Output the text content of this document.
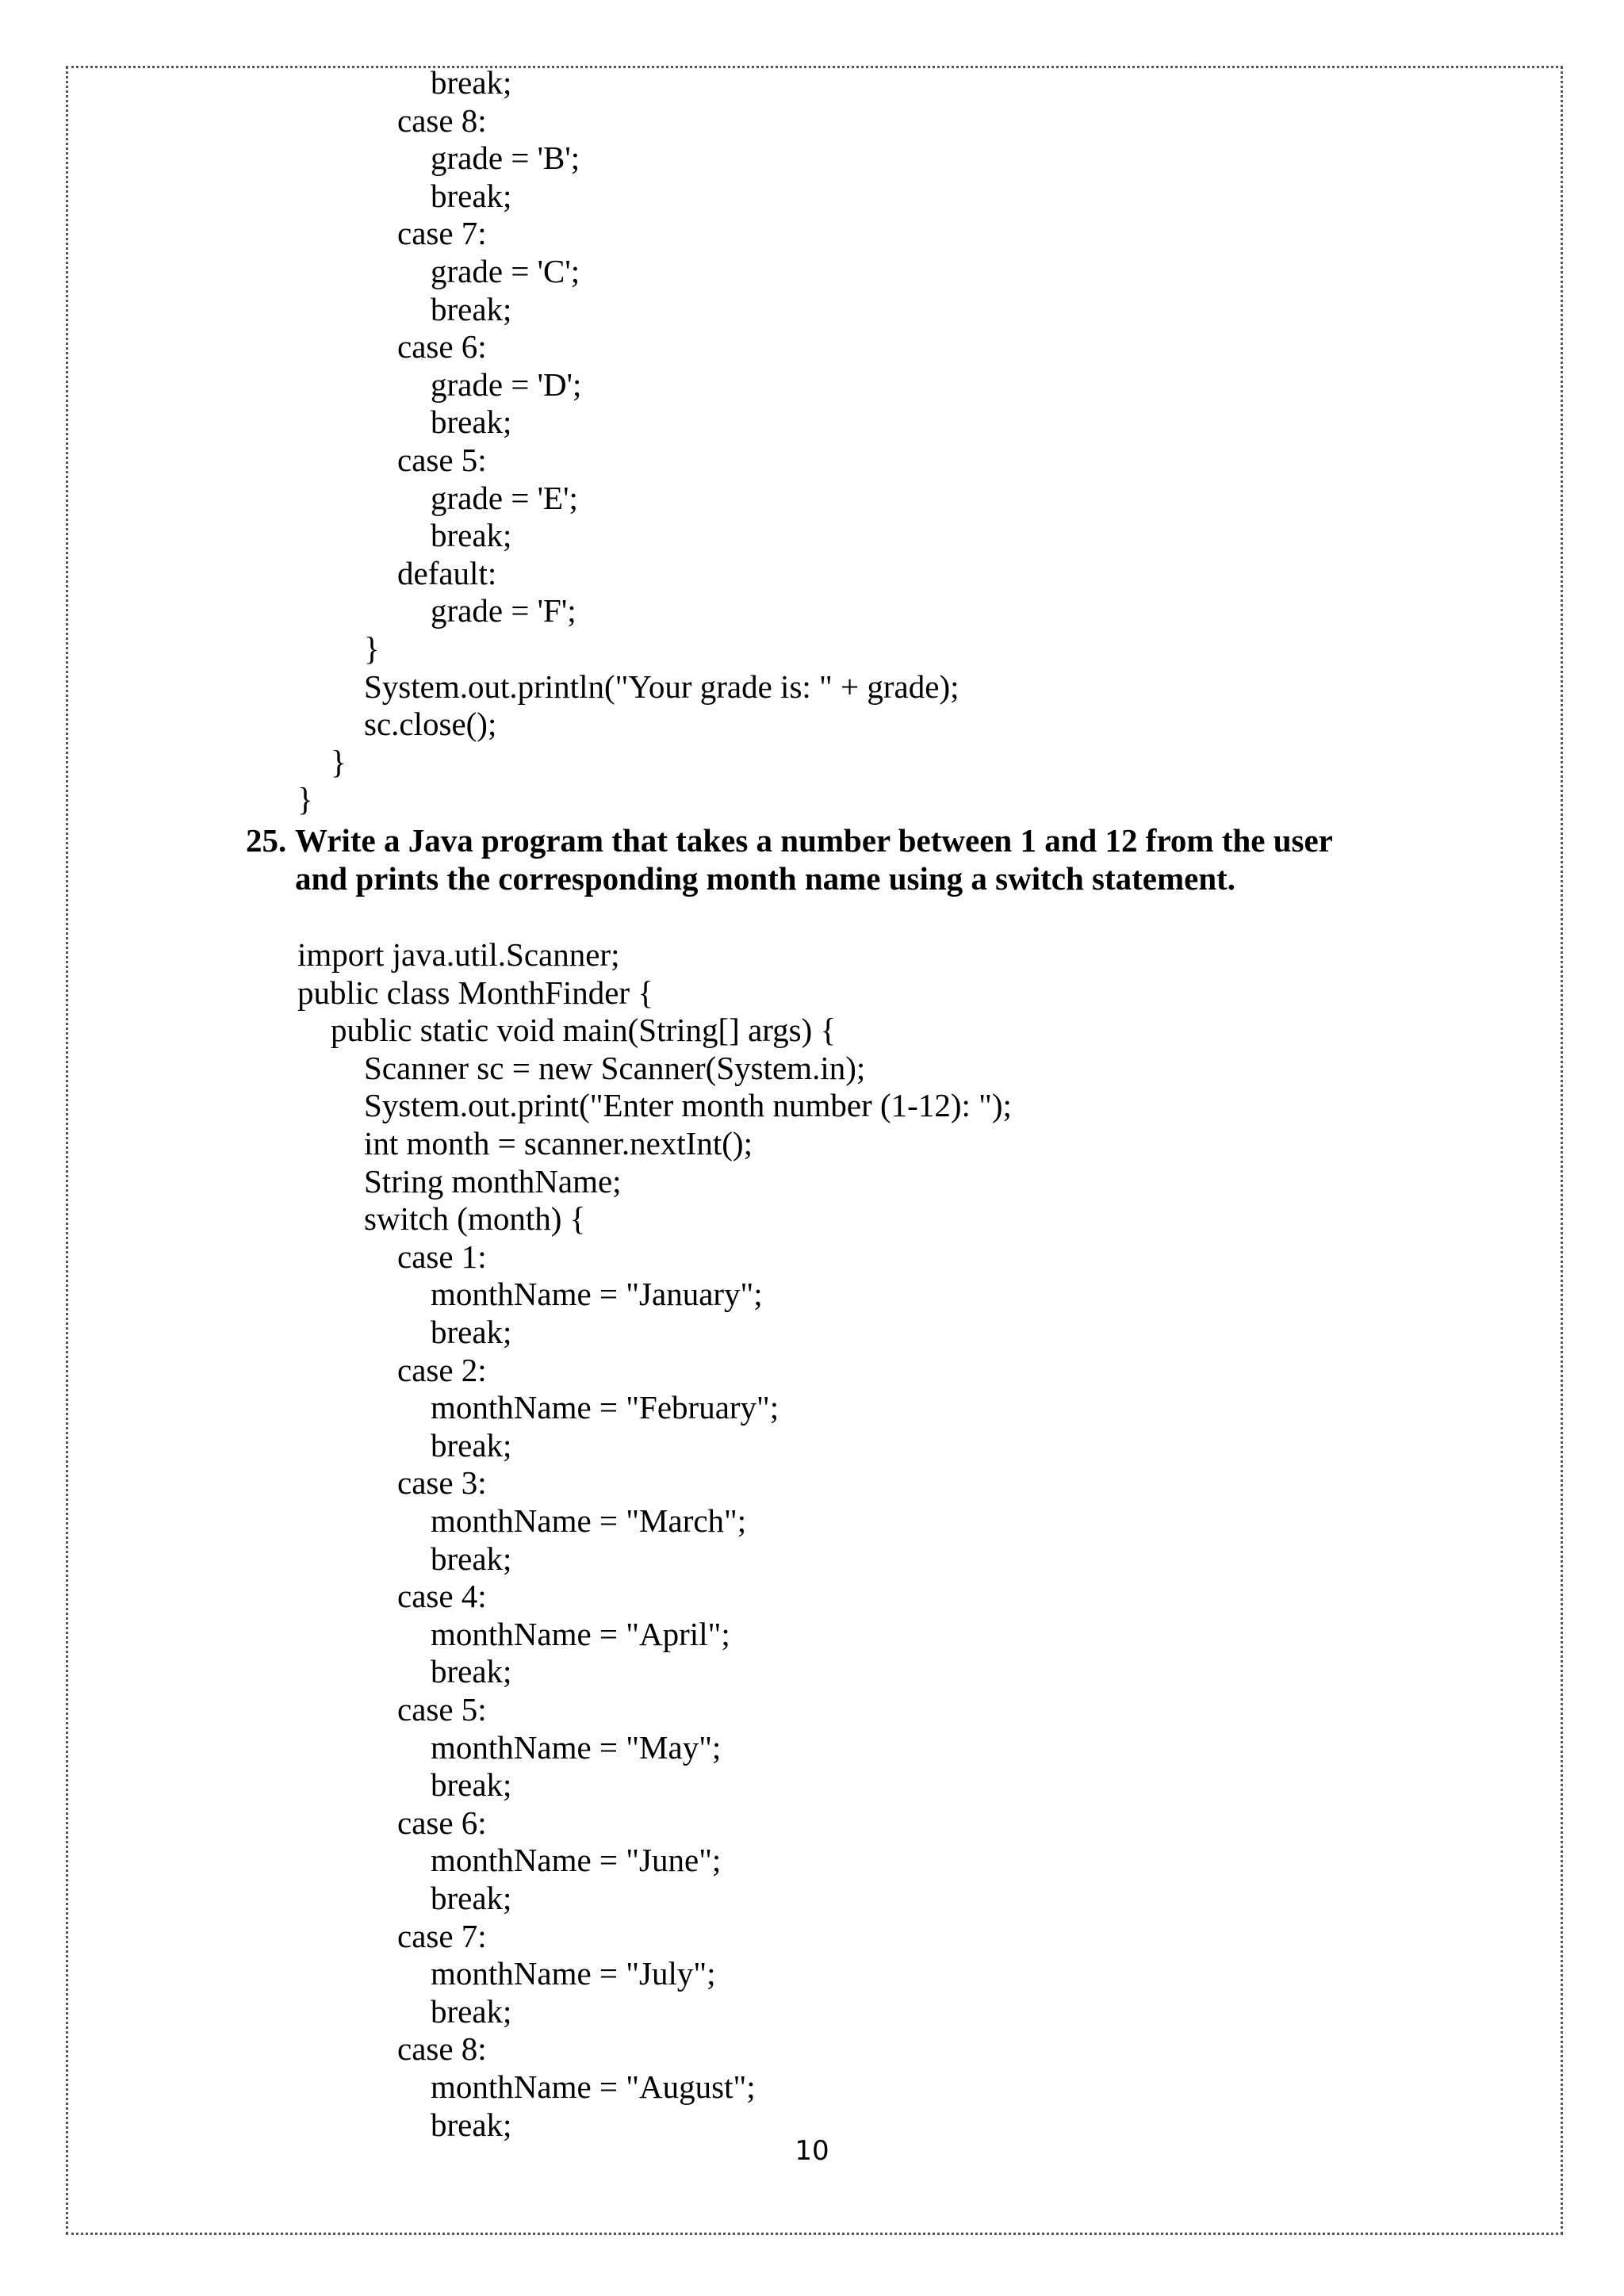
break;
case 8:
grade = 'B';
break;
case 7:
grade = 'C';
break;
case 6:
grade = 'D';
break;
case 5:
grade = 'E';
break;
default:
grade = 'F';
}
System.out.println("Your grade is: " + grade);
sc.close();
}
}
25. Write a Java program that takes a number between 1 and 12 from the user
and prints the corresponding month name using a switch statement.
import java.util.Scanner;
public class MonthFinder {
public static void main(String[] args) {
Scanner sc = new Scanner(System.in);
System.out.print("Enter month number (1-12): ");
int month = scanner.nextInt();
String monthName;
switch (month) {
case 1:
monthName = "January";
break;
case 2:
monthName = "February";
break;
case 3:
monthName = "March";
break;
case 4:
monthName = "April";
break;
case 5:
monthName = "May";
break;
case 6:
monthName = "June";
break;
case 7:
monthName = "July";
break;
case 8:
monthName = "August";
break;
10
